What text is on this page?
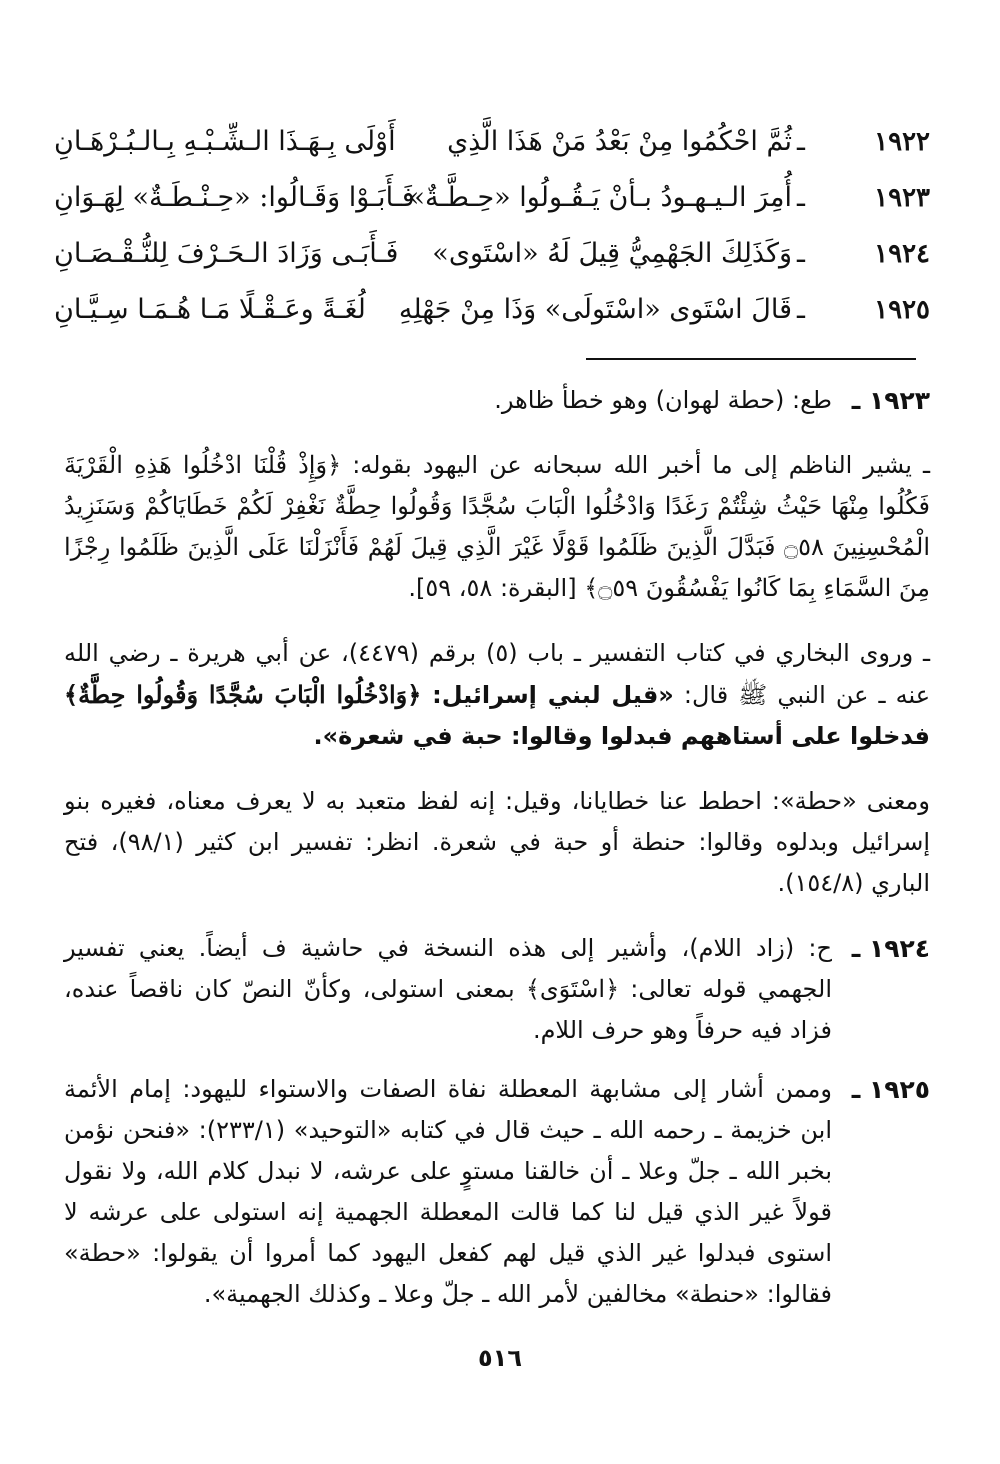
١٩٢٢
ـ
ثُمَّ احْكُمُوا مِنْ بَعْدُ مَنْ هَذَا الَّذِي
أَوْلَى بِـهَـذَا الـشِّـبْـهِ بِـالـبُـرْهَـانِ
١٩٢٣
ـ
أُمِرَ الـيـهـودُ بـأنْ يَـقُـولُوا «حِـطَّـةٌ»
فَـأَبَـوْا وَقَـالُوا: «حِـنْـطَـةٌ» لِهَـوَانِ
١٩٢٤
ـ
وَكَذَلِكَ الجَهْمِيُّ قِيلَ لَهُ «اسْتَوى»
فَـأَبَـى وَزَادَ الـحَـرْفَ لِلنُّـقْـصَـانِ
١٩٢٥
ـ
قَالَ اسْتَوى «اسْتَولَى» وَذَا مِنْ جَهْلِهِ
لُغَـةً وعَـقْـلًا مَـا هُـمَـا سِـيَّـانِ
١٩٢٣ ـ

طع: (حطة لهوان) وهو خطأ ظاهر.

ـ يشير الناظم إلى ما أخبر الله سبحانه عن اليهود بقوله: ﴿وَإِذْ قُلْنَا ادْخُلُوا هَذِهِ الْقَرْيَةَ فَكُلُوا مِنْهَا حَيْثُ شِئْتُمْ رَغَدًا وَادْخُلُوا الْبَابَ سُجَّدًا وَقُولُوا حِطَّةٌ نَغْفِرْ لَكُمْ خَطَايَاكُمْ وَسَنَزِيدُ الْمُحْسِنِينَ ۝٥٨ فَبَدَّلَ الَّذِينَ ظَلَمُوا قَوْلًا غَيْرَ الَّذِي قِيلَ لَهُمْ فَأَنْزَلْنَا عَلَى الَّذِينَ ظَلَمُوا رِجْزًا مِنَ السَّمَاءِ بِمَا كَانُوا يَفْسُقُونَ ۝٥٩﴾ [البقرة: ٥٨، ٥٩].

ـ وروى البخاري في كتاب التفسير ـ باب (٥) برقم (٤٤٧٩)، عن أبي هريرة ـ رضي الله عنه ـ عن النبي ﷺ قال: «قيل لبني إسرائيل: ﴿وَادْخُلُوا الْبَابَ سُجَّدًا وَقُولُوا حِطَّةٌ﴾ فدخلوا على أستاههم فبدلوا وقالوا: حبة في شعرة».

ومعنى «حطة»: احطط عنا خطايانا، وقيل: إنه لفظ متعبد به لا يعرف معناه، فغيره بنو إسرائيل وبدلوه وقالوا: حنطة أو حبة في شعرة. انظر: تفسير ابن كثير (٩٨/١)، فتح الباري (١٥٤/٨).

١٩٢٤ ـ

ح: (زاد اللام)، وأشير إلى هذه النسخة في حاشية ف أيضاً. يعني تفسير الجهمي قوله تعالى: ﴿اسْتَوَى﴾ بمعنى استولى، وكأنّ النصّ كان ناقصاً عنده، فزاد فيه حرفاً وهو حرف اللام.

١٩٢٥ ـ

وممن أشار إلى مشابهة المعطلة نفاة الصفات والاستواء لليهود: إمام الأئمة ابن خزيمة ـ رحمه الله ـ حيث قال في كتابه «التوحيد» (٢٣٣/١): «فنحن نؤمن بخبر الله ـ جلّ وعلا ـ أن خالقنا مستوٍ على عرشه، لا نبدل كلام الله، ولا نقول قولاً غير الذي قيل لنا كما قالت المعطلة الجهمية إنه استولى على عرشه لا استوى فبدلوا غير الذي قيل لهم كفعل اليهود كما أمروا أن يقولوا: «حطة» فقالوا: «حنطة» مخالفين لأمر الله ـ جلّ وعلا ـ وكذلك الجهمية».

٥١٦
